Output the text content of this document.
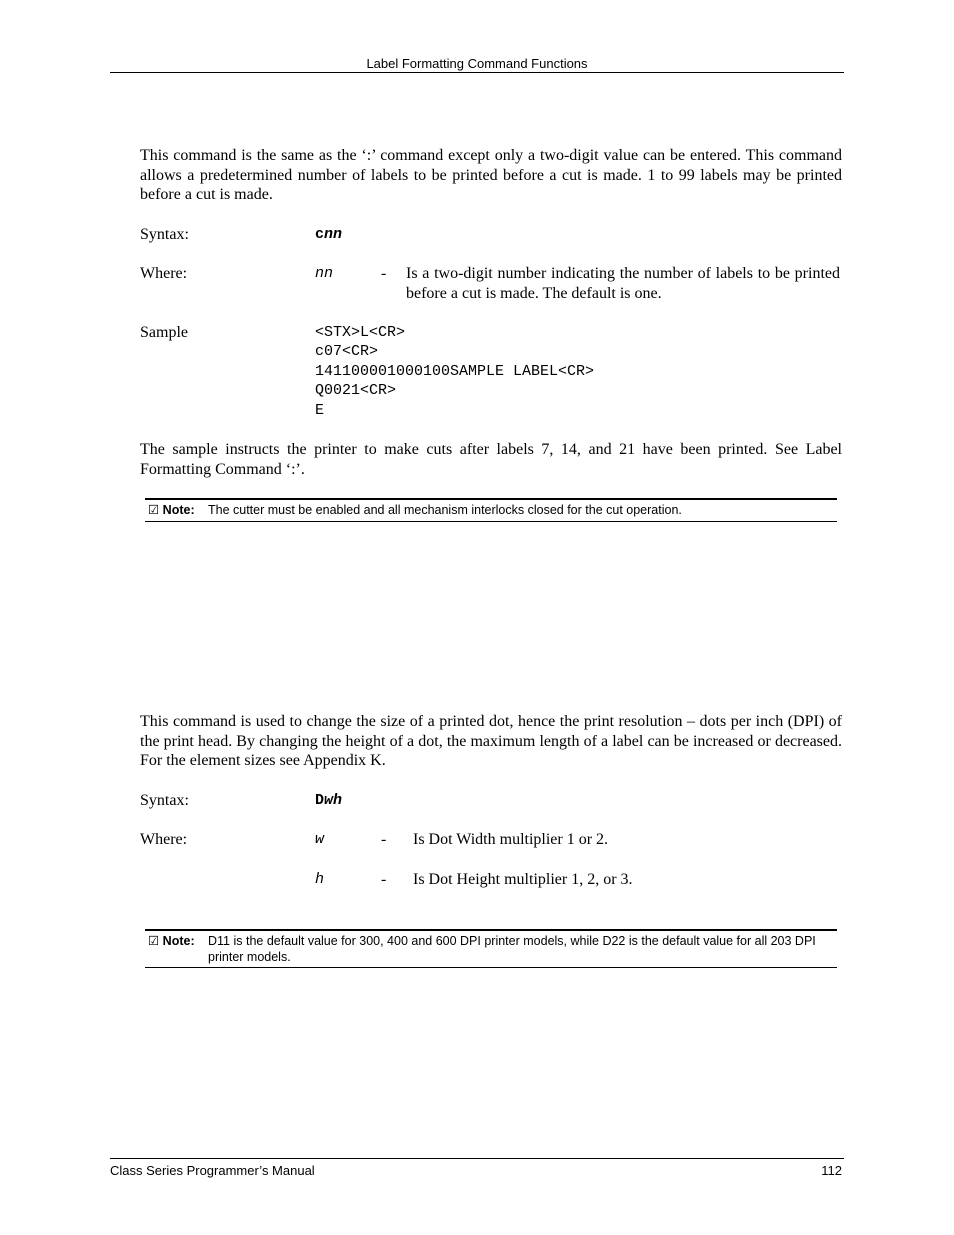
Label Formatting Command Functions
This command is the same as the ‘:’ command except only a two-digit value can be entered. This command allows a predetermined number of labels to be printed before a cut is made. 1 to 99 labels may be printed before a cut is made.
Syntax:	cnn
Where:	nn	- Is a two-digit number indicating the number of labels to be printed before a cut is made. The default is one.
Sample	<STX>L<CR>
c07<CR>
141100001000100SAMPLE LABEL<CR>
Q0021<CR>
E
The sample instructs the printer to make cuts after labels 7, 14, and 21 have been printed. See Label Formatting Command ‘:’.
☑ Note: The cutter must be enabled and all mechanism interlocks closed for the cut operation.
This command is used to change the size of a printed dot, hence the print resolution – dots per inch (DPI) of the print head. By changing the height of a dot, the maximum length of a label can be increased or decreased. For the element sizes see Appendix K.
Syntax:	Dwh
Where:	w	- Is Dot Width multiplier 1 or 2.
h	- Is Dot Height multiplier 1, 2, or 3.
☑ Note: D11 is the default value for 300, 400 and 600 DPI printer models, while D22 is the default value for all 203 DPI printer models.
Class Series Programmer’s Manual	112
